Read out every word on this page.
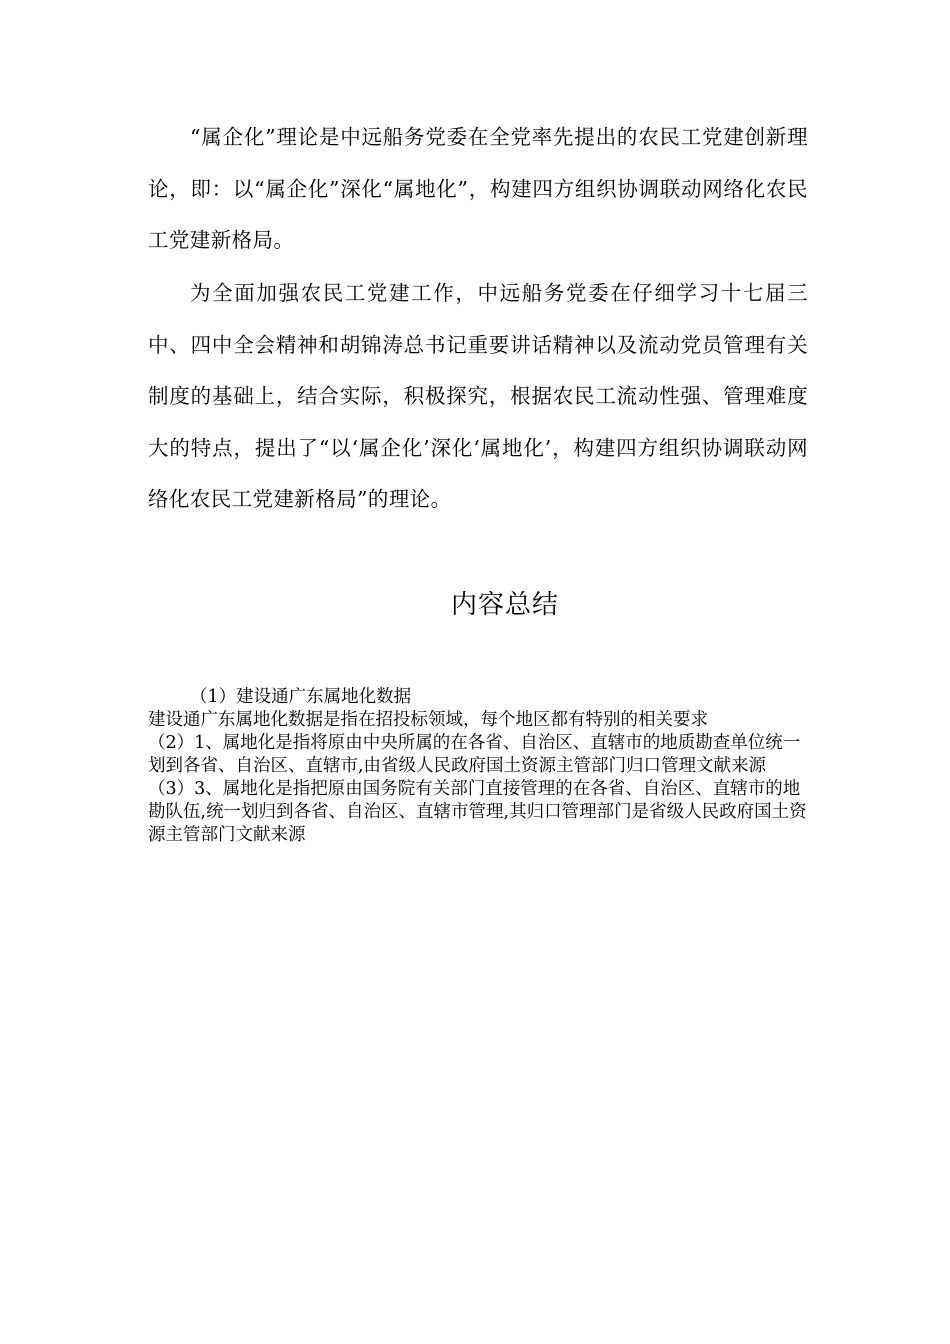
“属企化”理论是中远船务党委在全党率先提出的农民工党建创新理论，即：以“属企化”深化“属地化”，构建四方组织协调联动网络化农民工党建新格局。

为全面加强农民工党建工作，中远船务党委在仔细学习十七届三中、四中全会精神和胡锦涛总书记重要讲话精神以及流动党员管理有关制度的基础上，结合实际，积极探究，根据农民工流动性强、管理难度大的特点，提出了“以‘属企化’深化‘属地化’，构建四方组织协调联动网络化农民工党建新格局”的理论。

内容总结

（1）建设通广东属地化数据

建设通广东属地化数据是指在招投标领域，每个地区都有特别的相关要求

（2）1、属地化是指将原由中央所属的在各省、自治区、直辖市的地质勘查单位统一划到各省、自治区、直辖市,由省级人民政府国土资源主管部门归口管理文献来源

（3）3、属地化是指把原由国务院有关部门直接管理的在各省、自治区、直辖市的地勘队伍,统一划归到各省、自治区、直辖市管理,其归口管理部门是省级人民政府国土资源主管部门文献来源
